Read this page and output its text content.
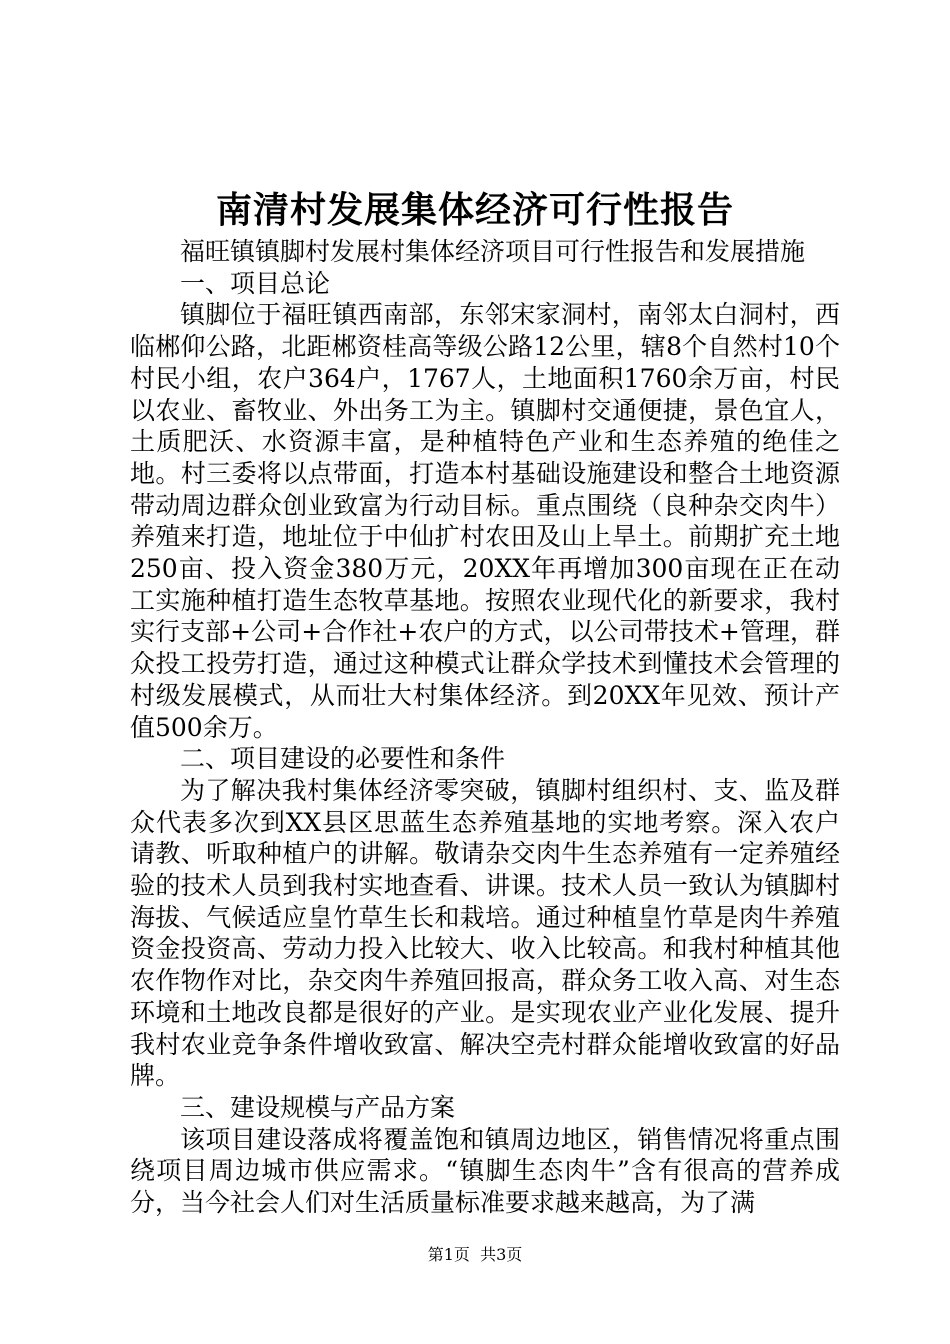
南清村发展集体经济可行性报告

福旺镇镇脚村发展村集体经济项目可行性报告和发展措施

一、项目总论

镇脚位于福旺镇西南部，东邻宋家洞村，南邻太白洞村，西临郴仰公路，北距郴资桂高等级公路12公里，辖8个自然村10个村民小组，农户364户，1767人，土地面积1760余万亩，村民以农业、畜牧业、外出务工为主。镇脚村交通便捷，景色宜人，土质肥沃、水资源丰富，是种植特色产业和生态养殖的绝佳之地。村三委将以点带面，打造本村基础设施建设和整合土地资源带动周边群众创业致富为行动目标。重点围绕（良种杂交肉牛）养殖来打造，地址位于中仙扩村农田及山上旱土。前期扩充土地250亩、投入资金380万元，20XX年再增加300亩现在正在动工实施种植打造生态牧草基地。按照农业现代化的新要求，我村实行支部+公司+合作社+农户的方式，以公司带技术+管理，群众投工投劳打造，通过这种模式让群众学技术到懂技术会管理的村级发展模式，从而壮大村集体经济。到20XX年见效、预计产值500余万。

二、项目建设的必要性和条件

为了解决我村集体经济零突破，镇脚村组织村、支、监及群众代表多次到XX县区思蓝生态养殖基地的实地考察。深入农户请教、听取种植户的讲解。敬请杂交肉牛生态养殖有一定养殖经验的技术人员到我村实地查看、讲课。技术人员一致认为镇脚村海拔、气候适应皇竹草生长和栽培。通过种植皇竹草是肉牛养殖资金投资高、劳动力投入比较大、收入比较高。和我村种植其他农作物作对比，杂交肉牛养殖回报高，群众务工收入高、对生态环境和土地改良都是很好的产业。是实现农业产业化发展、提升我村农业竞争条件增收致富、解决空壳村群众能增收致富的好品牌。

三、建设规模与产品方案

该项目建设落成将覆盖饱和镇周边地区，销售情况将重点围绕项目周边城市供应需求。“镇脚生态肉牛”含有很高的营养成分，当今社会人们对生活质量标准要求越来越高，为了满

第1页  共3页
